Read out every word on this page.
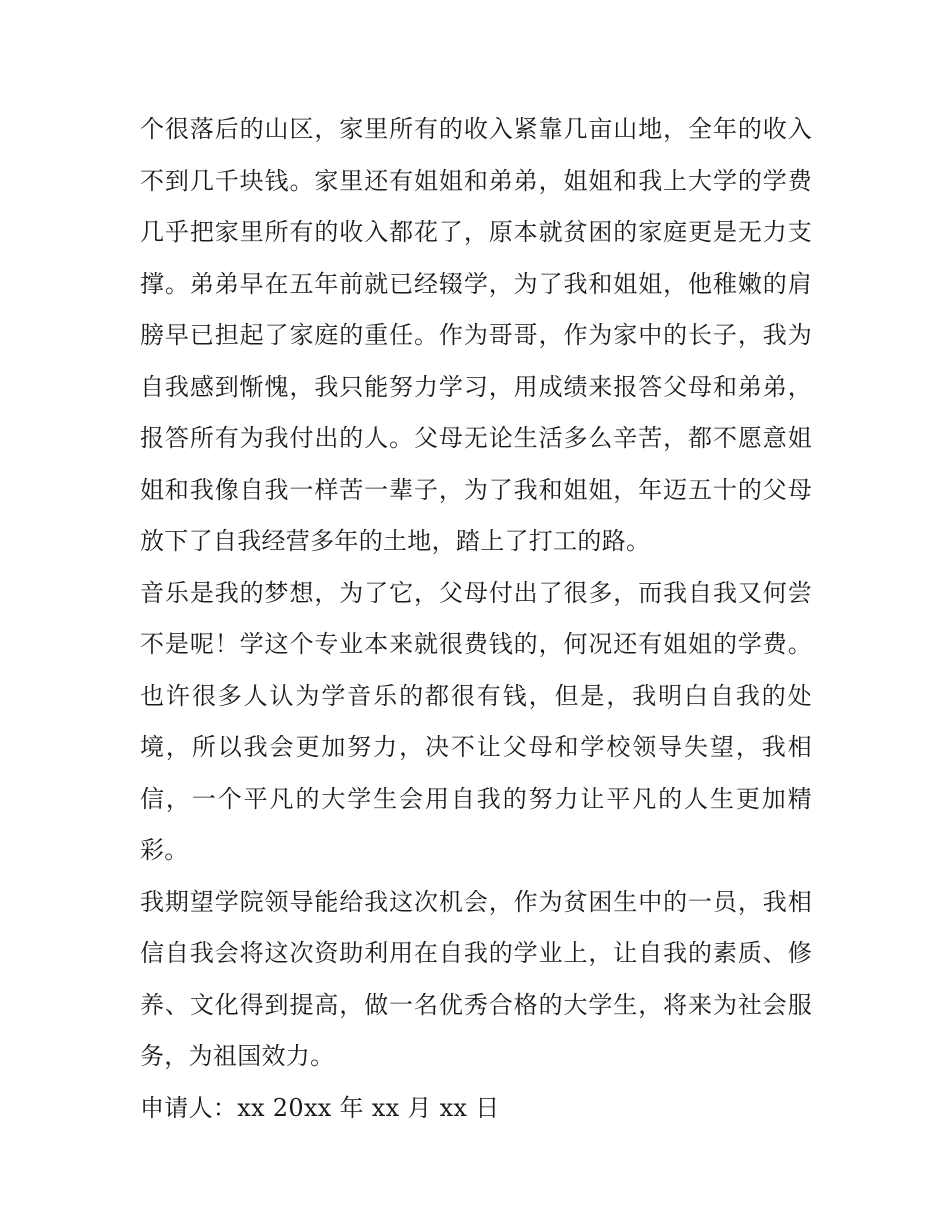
个很落后的山区，家里所有的收入紧靠几亩山地，全年的收入不到几千块钱。家里还有姐姐和弟弟，姐姐和我上大学的学费几乎把家里所有的收入都花了，原本就贫困的家庭更是无力支撑。弟弟早在五年前就已经辍学，为了我和姐姐，他稚嫩的肩膀早已担起了家庭的重任。作为哥哥，作为家中的长子，我为自我感到惭愧，我只能努力学习，用成绩来报答父母和弟弟，报答所有为我付出的人。父母无论生活多么辛苦，都不愿意姐姐和我像自我一样苦一辈子，为了我和姐姐，年迈五十的父母放下了自我经营多年的土地，踏上了打工的路。

音乐是我的梦想，为了它，父母付出了很多，而我自我又何尝不是呢！学这个专业本来就很费钱的，何况还有姐姐的学费。也许很多人认为学音乐的都很有钱，但是，我明白自我的处境，所以我会更加努力，决不让父母和学校领导失望，我相信，一个平凡的大学生会用自我的努力让平凡的人生更加精彩。

我期望学院领导能给我这次机会，作为贫困生中的一员，我相信自我会将这次资助利用在自我的学业上，让自我的素质、修养、文化得到提高，做一名优秀合格的大学生，将来为社会服务，为祖国效力。

申请人：xx 20xx 年 xx 月 xx 日
